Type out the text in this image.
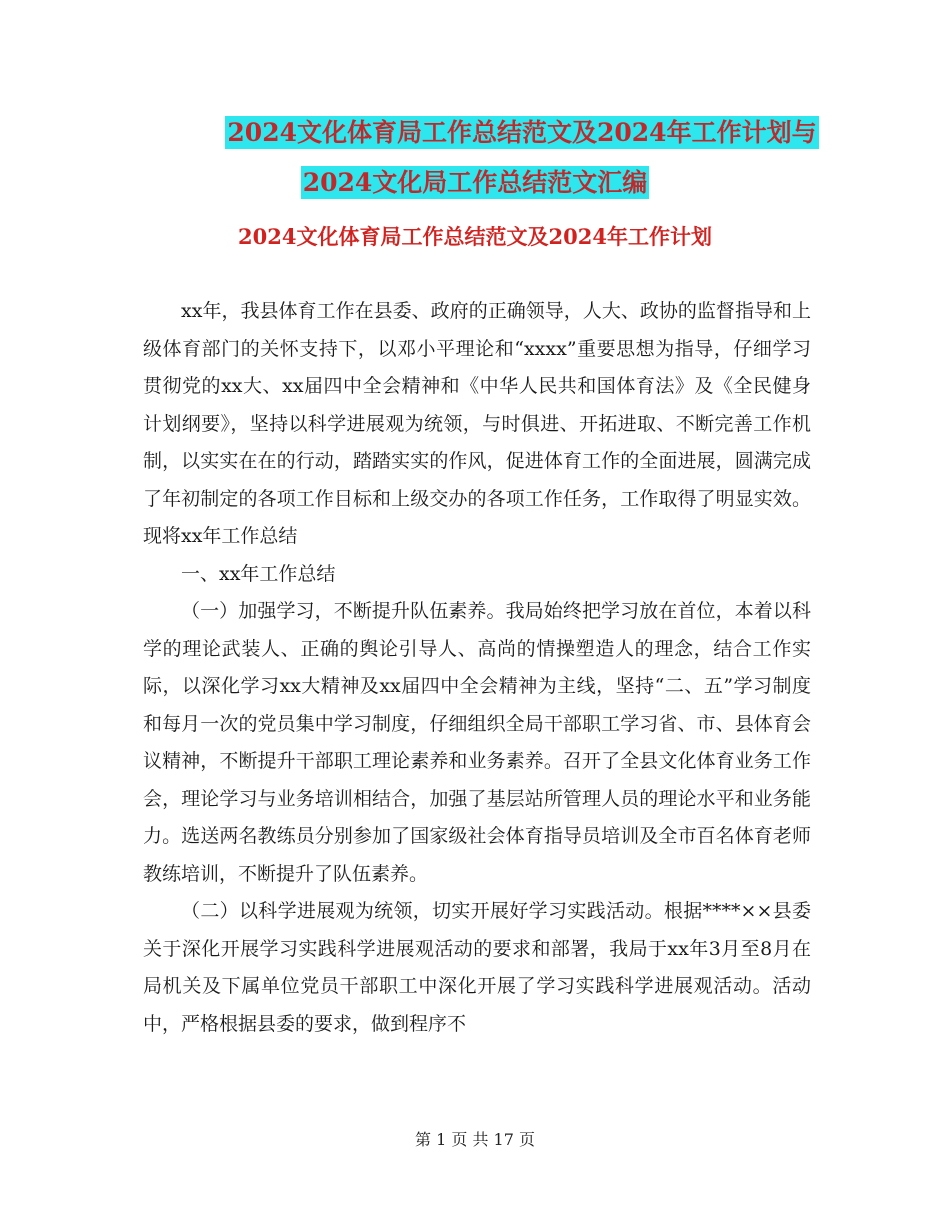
2024文化体育局工作总结范文及2024年工作计划与
2024文化局工作总结范文汇编
2024文化体育局工作总结范文及2024年工作计划

xx年，我县体育工作在县委、政府的正确领导，人大、政协的监督指导和上级体育部门的关怀支持下，以邓小平理论和“xxxx”重要思想为指导，仔细学习贯彻党的xx大、xx届四中全会精神和《中华人民共和国体育法》及《全民健身计划纲要》，坚持以科学进展观为统领，与时俱进、开拓进取、不断完善工作机制，以实实在在的行动，踏踏实实的作风，促进体育工作的全面进展，圆满完成了年初制定的各项工作目标和上级交办的各项工作任务，工作取得了明显实效。现将xx年工作总结

一、xx年工作总结

（一）加强学习，不断提升队伍素养。我局始终把学习放在首位，本着以科学的理论武装人、正确的舆论引导人、高尚的情操塑造人的理念，结合工作实际，以深化学习xx大精神及xx届四中全会精神为主线，坚持“二、五”学习制度和每月一次的党员集中学习制度，仔细组织全局干部职工学习省、市、县体育会议精神，不断提升干部职工理论素养和业务素养。召开了全县文化体育业务工作会，理论学习与业务培训相结合，加强了基层站所管理人员的理论水平和业务能力。选送两名教练员分别参加了国家级社会体育指导员培训及全市百名体育老师教练培训，不断提升了队伍素养。

（二）以科学进展观为统领，切实开展好学习实践活动。根据****××县委关于深化开展学习实践科学进展观活动的要求和部署，我局于xx年3月至8月在局机关及下属单位党员干部职工中深化开展了学习实践科学进展观活动。活动中，严格根据县委的要求，做到程序不

第 1 页 共 17 页
